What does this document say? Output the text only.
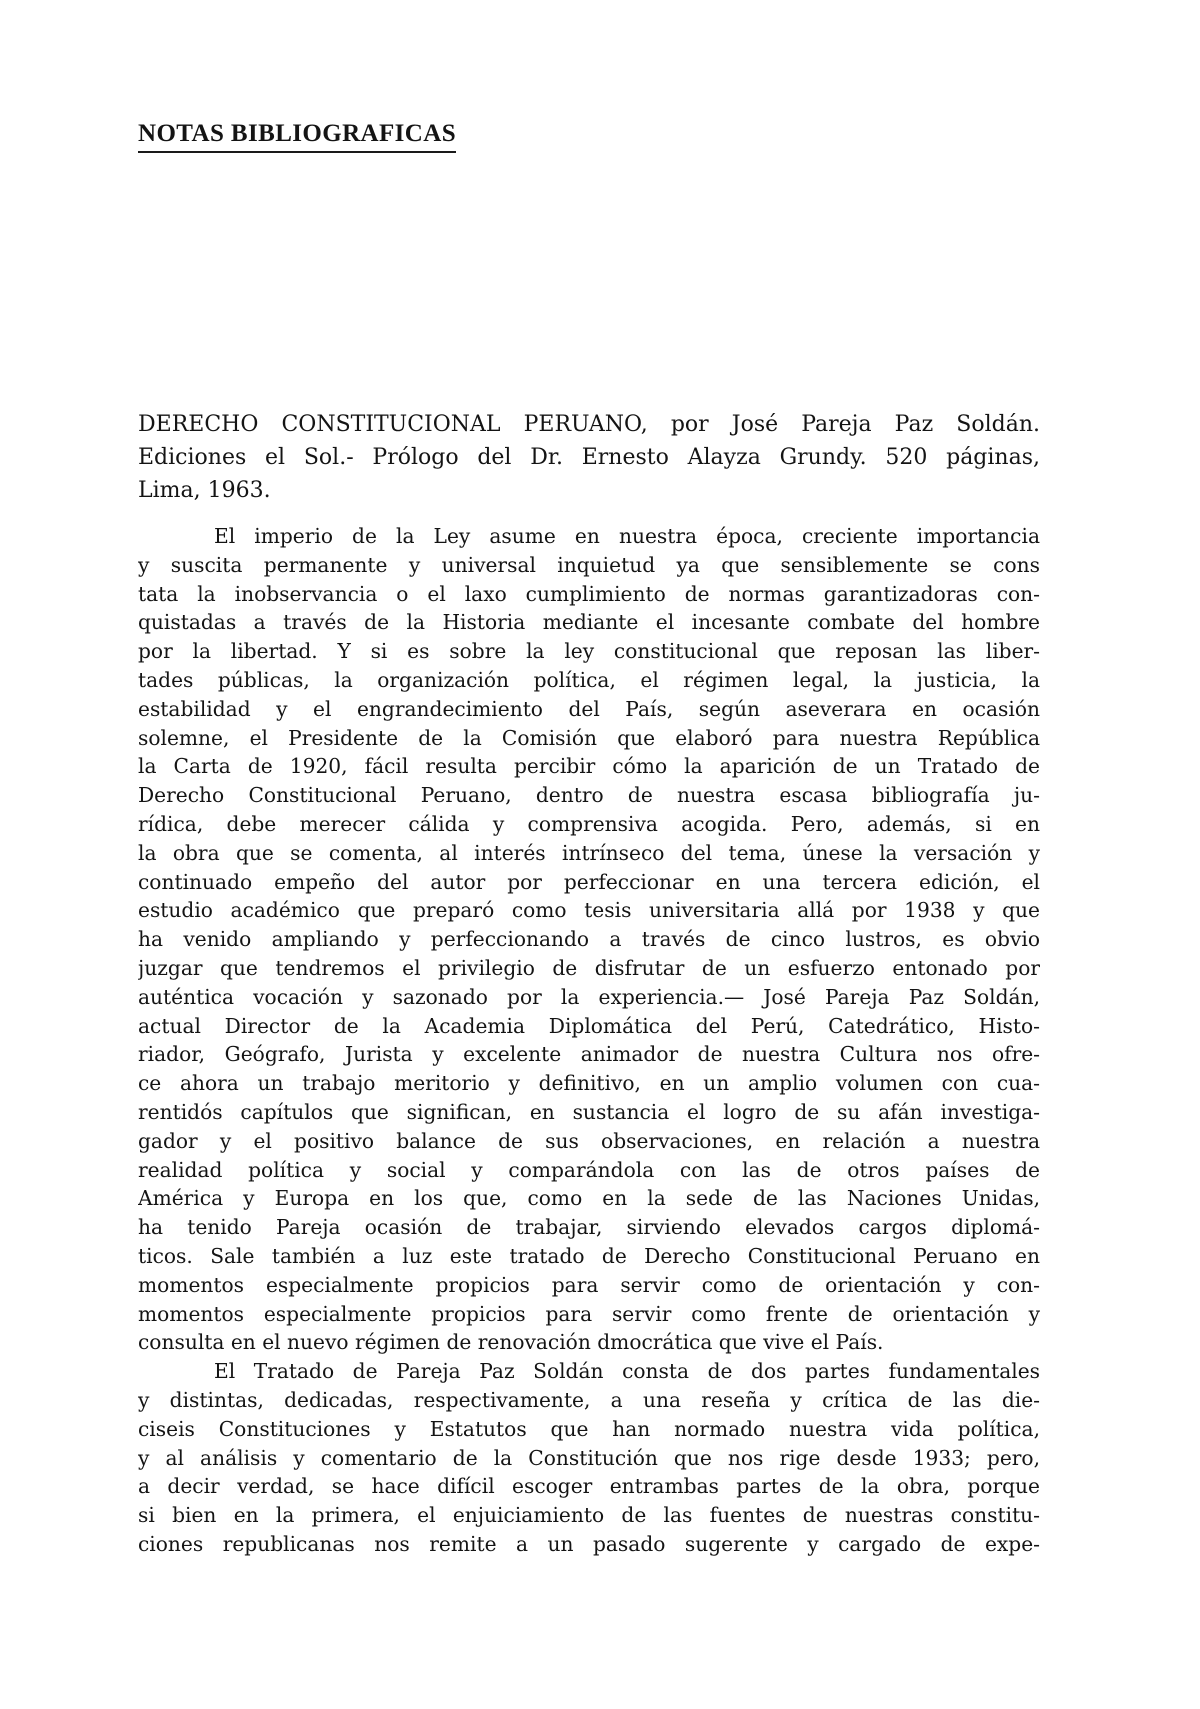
NOTAS BIBLIOGRAFICAS
DERECHO CONSTITUCIONAL PERUANO, por José Pareja Paz Soldán.
Ediciones el Sol.- Prólogo del Dr. Ernesto Alayza Grundy. 520 páginas,
Lima, 1963.
El imperio de la Ley asume en nuestra época, creciente importancia
y suscita permanente y universal inquietud ya que sensiblemente se cons
tata la inobservancia o el laxo cumplimiento de normas garantizadoras con-
quistadas a través de la Historia mediante el incesante combate del hombre
por la libertad. Y si es sobre la ley constitucional que reposan las liber-
tades públicas, la organización política, el régimen legal, la justicia, la
estabilidad y el engrandecimiento del País, según aseverara en ocasión
solemne, el Presidente de la Comisión que elaboró para nuestra República
la Carta de 1920, fácil resulta percibir cómo la aparición de un Tratado de
Derecho Constitucional Peruano, dentro de nuestra escasa bibliografía ju-
rídica, debe merecer cálida y comprensiva acogida. Pero, además, si en
la obra que se comenta, al interés intrínseco del tema, únese la versación y
continuado empeño del autor por perfeccionar en una tercera edición, el
estudio académico que preparó como tesis universitaria allá por 1938 y que
ha venido ampliando y perfeccionando a través de cinco lustros, es obvio
juzgar que tendremos el privilegio de disfrutar de un esfuerzo entonado por
auténtica vocación y sazonado por la experiencia.— José Pareja Paz Soldán,
actual Director de la Academia Diplomática del Perú, Catedrático, Histo-
riador, Geógrafo, Jurista y excelente animador de nuestra Cultura nos ofre-
ce ahora un trabajo meritorio y definitivo, en un amplio volumen con cua-
rentidós capítulos que significan, en sustancia el logro de su afán investiga-
gador y el positivo balance de sus observaciones, en relación a nuestra
realidad política y social y comparándola con las de otros países de
América y Europa en los que, como en la sede de las Naciones Unidas,
ha tenido Pareja ocasión de trabajar, sirviendo elevados cargos diplomá-
ticos. Sale también a luz este tratado de Derecho Constitucional Peruano en
momentos especialmente propicios para servir como de orientación y con-
momentos especialmente propicios para servir como frente de orientación y
consulta en el nuevo régimen de renovación dmocrática que vive el País.
El Tratado de Pareja Paz Soldán consta de dos partes fundamentales
y distintas, dedicadas, respectivamente, a una reseña y crítica de las die-
ciseis Constituciones y Estatutos que han normado nuestra vida política,
y al análisis y comentario de la Constitución que nos rige desde 1933; pero,
a decir verdad, se hace difícil escoger entrambas partes de la obra, porque
si bien en la primera, el enjuiciamiento de las fuentes de nuestras constitu-
ciones republicanas nos remite a un pasado sugerente y cargado de expe-
